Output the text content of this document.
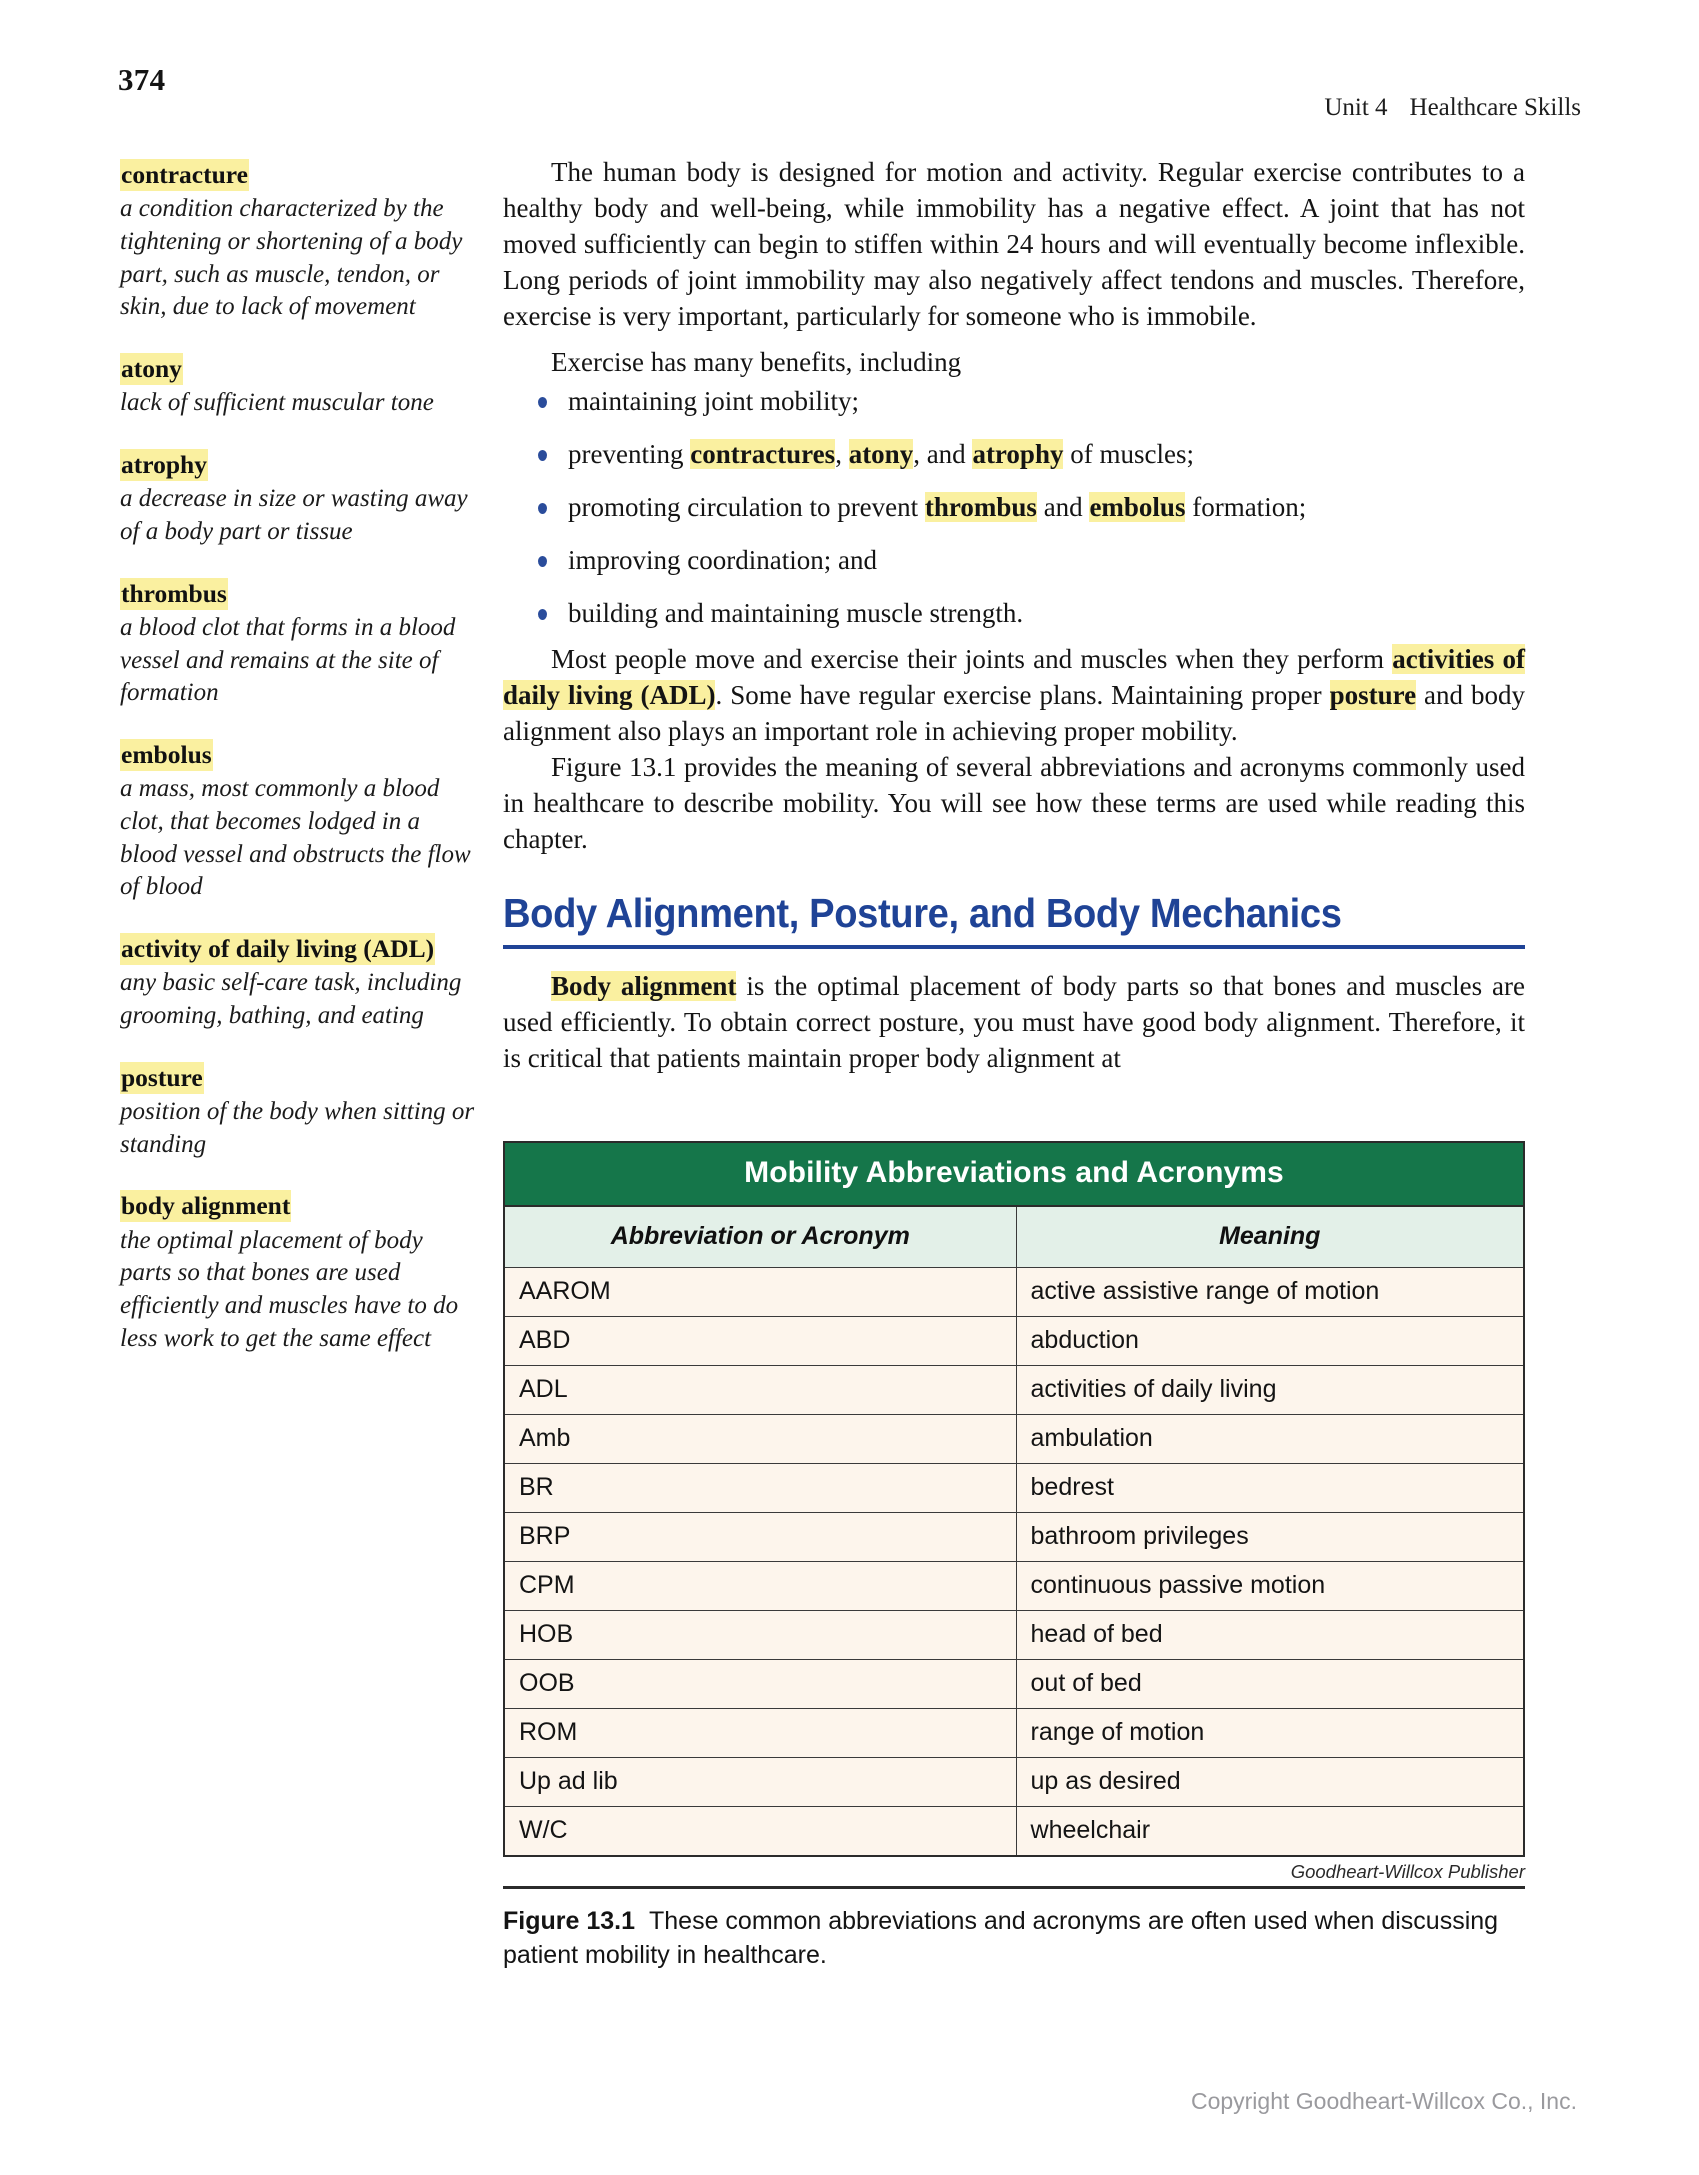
374

Unit 4 Healthcare Skills

contracture
a condition characterized by the tightening or shortening of a body part, such as muscle, tendon, or skin, due to lack of movement
atony
lack of sufficient muscular tone
atrophy
a decrease in size or wasting away of a body part or tissue
thrombus
a blood clot that forms in a blood vessel and remains at the site of formation
embolus
a mass, most commonly a blood clot, that becomes lodged in a blood vessel and obstructs the flow of blood
activity of daily living (ADL)
any basic self-care task, including grooming, bathing, and eating
posture
position of the body when sitting or standing
body alignment
the optimal placement of body parts so that bones are used efficiently and muscles have to do less work to get the same effect

The human body is designed for motion and activity. Regular exercise contributes to a healthy body and well-being, while immobility has a negative effect. A joint that has not moved sufficiently can begin to stiffen within 24 hours and will eventually become inflexible. Long periods of joint immobility may also negatively affect tendons and muscles. Therefore, exercise is very important, particularly for someone who is immobile.

Exercise has many benefits, including

maintaining joint mobility;
preventing contractures, atony, and atrophy of muscles;
promoting circulation to prevent thrombus and embolus formation;
improving coordination; and
building and maintaining muscle strength.

Most people move and exercise their joints and muscles when they perform activities of daily living (ADL). Some have regular exercise plans. Maintaining proper posture and body alignment also plays an important role in achieving proper mobility.

Figure 13.1 provides the meaning of several abbreviations and acronyms commonly used in healthcare to describe mobility. You will see how these terms are used while reading this chapter.

Body Alignment, Posture, and Body Mechanics

Body alignment is the optimal placement of body parts so that bones and muscles are used efficiently. To obtain correct posture, you must have good body alignment. Therefore, it is critical that patients maintain proper body alignment at

Mobility Abbreviations and Acronyms
Abbreviation or Acronym	Meaning
AAROM	active assistive range of motion
ABD	abduction
ADL	activities of daily living
Amb	ambulation
BR	bedrest
BRP	bathroom privileges
CPM	continuous passive motion
HOB	head of bed
OOB	out of bed
ROM	range of motion
Up ad lib	up as desired
W/C	wheelchair
Goodheart-Willcox Publisher
Figure 13.1 These common abbreviations and acronyms are often used when discussing patient mobility in healthcare.
Copyright Goodheart-Willcox Co., Inc.
